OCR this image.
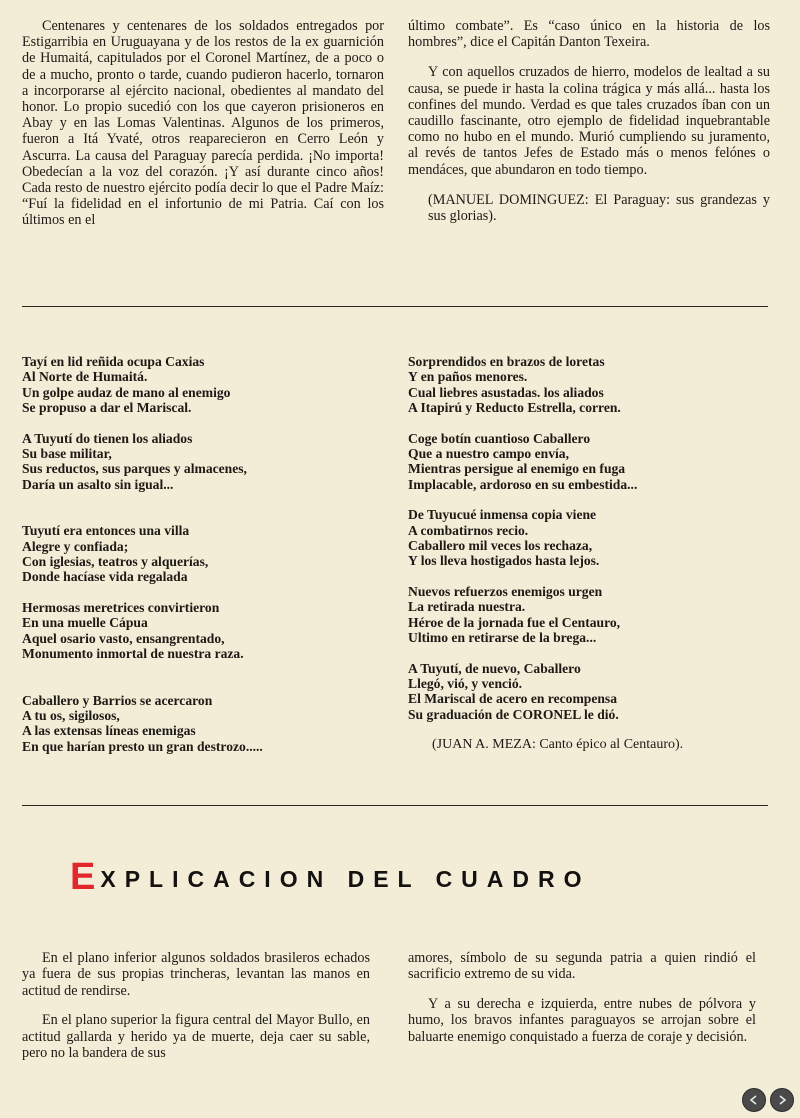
Centenares y centenares de los soldados entregados por Estigarribia en Uruguayana y de los restos de la ex guarnición de Humaitá, capitulados por el Coronel Martínez, de a poco o de a mucho, pronto o tarde, cuando pudieron hacerlo, tornaron a incorporarse al ejército nacional, obedientes al mandato del honor. Lo propio sucedió con los que cayeron prisioneros en Abay y en las Lomas Valentinas. Algunos de los primeros, fueron a Itá Yvaté, otros reaparecieron en Cerro León y Ascurra. La causa del Paraguay parecía perdida. ¡No importa! Obedecían a la voz del corazón. ¡Y así durante cinco años! Cada resto de nuestro ejército podía decir lo que el Padre Maíz: “Fuí la fidelidad en el infortunio de mi Patria. Caí con los últimos en el

último combate”. Es “caso único en la historia de los hombres”, dice el Capitán Danton Texeira.

Y con aquellos cruzados de hierro, modelos de lealtad a su causa, se puede ir hasta la colina trágica y más allá... hasta los confines del mundo. Verdad es que tales cruzados íban con un caudillo fascinante, otro ejemplo de fidelidad inquebrantable como no hubo en el mundo. Murió cumpliendo su juramento, al revés de tantos Jefes de Estado más o menos felónes o mendáces, que abundaron en todo tiempo.

(MANUEL DOMINGUEZ: El Paraguay: sus grandezas y sus glorias).

Tayí en lid reñida ocupa Caxias
Al Norte de Humaitá.
Un golpe audaz de mano al enemigo
Se propuso a dar el Mariscal.
A Tuyutí do tienen los aliados
Su base militar,
Sus reductos, sus parques y almacenes,
Daría un asalto sin igual...
Tuyutí era entonces una villa
Alegre y confiada;
Con iglesias, teatros y alquerías,
Donde hacíase vida regalada
Hermosas meretrices convirtieron
En una muelle Cápua
Aquel osario vasto, ensangrentado,
Monumento inmortal de nuestra raza.
Caballero y Barrios se acercaron
A tu os, sigilosos,
A las extensas líneas enemigas
En que harían presto un gran destrozo.....
Sorprendidos en brazos de loretas
Y en paños menores.
Cual liebres asustadas. los aliados
A Itapirú y Reducto Estrella, corren.
Coge botín cuantioso Caballero
Que a nuestro campo envía,
Mientras persigue al enemigo en fuga
Implacable, ardoroso en su embestida...
De Tuyucué inmensa copia viene
A combatirnos recio.
Caballero mil veces los rechaza,
Y los lleva hostigados hasta lejos.
Nuevos refuerzos enemigos urgen
La retirada nuestra.
Héroe de la jornada fue el Centauro,
Ultimo en retirarse de la brega...
A Tuyutí, de nuevo, Caballero
Llegó, vió, y venció.
El Mariscal de acero en recompensa
Su graduación de CORONEL le dió.
(JUAN A. MEZA: Canto épico al Centauro).
EXPLICACION DEL CUADRO

En el plano inferior algunos soldados brasileros echados ya fuera de sus propias trincheras, levantan las manos en actitud de rendirse.

En el plano superior la figura central del Mayor Bullo, en actitud gallarda y herido ya de muerte, deja caer su sable, pero no la bandera de sus

amores, símbolo de su segunda patria a quien rindió el sacrificio extremo de su vida.

Y a su derecha e izquierda, entre nubes de pólvora y humo, los bravos infantes paraguayos se arrojan sobre el baluarte enemigo conquistado a fuerza de coraje y decisión.
